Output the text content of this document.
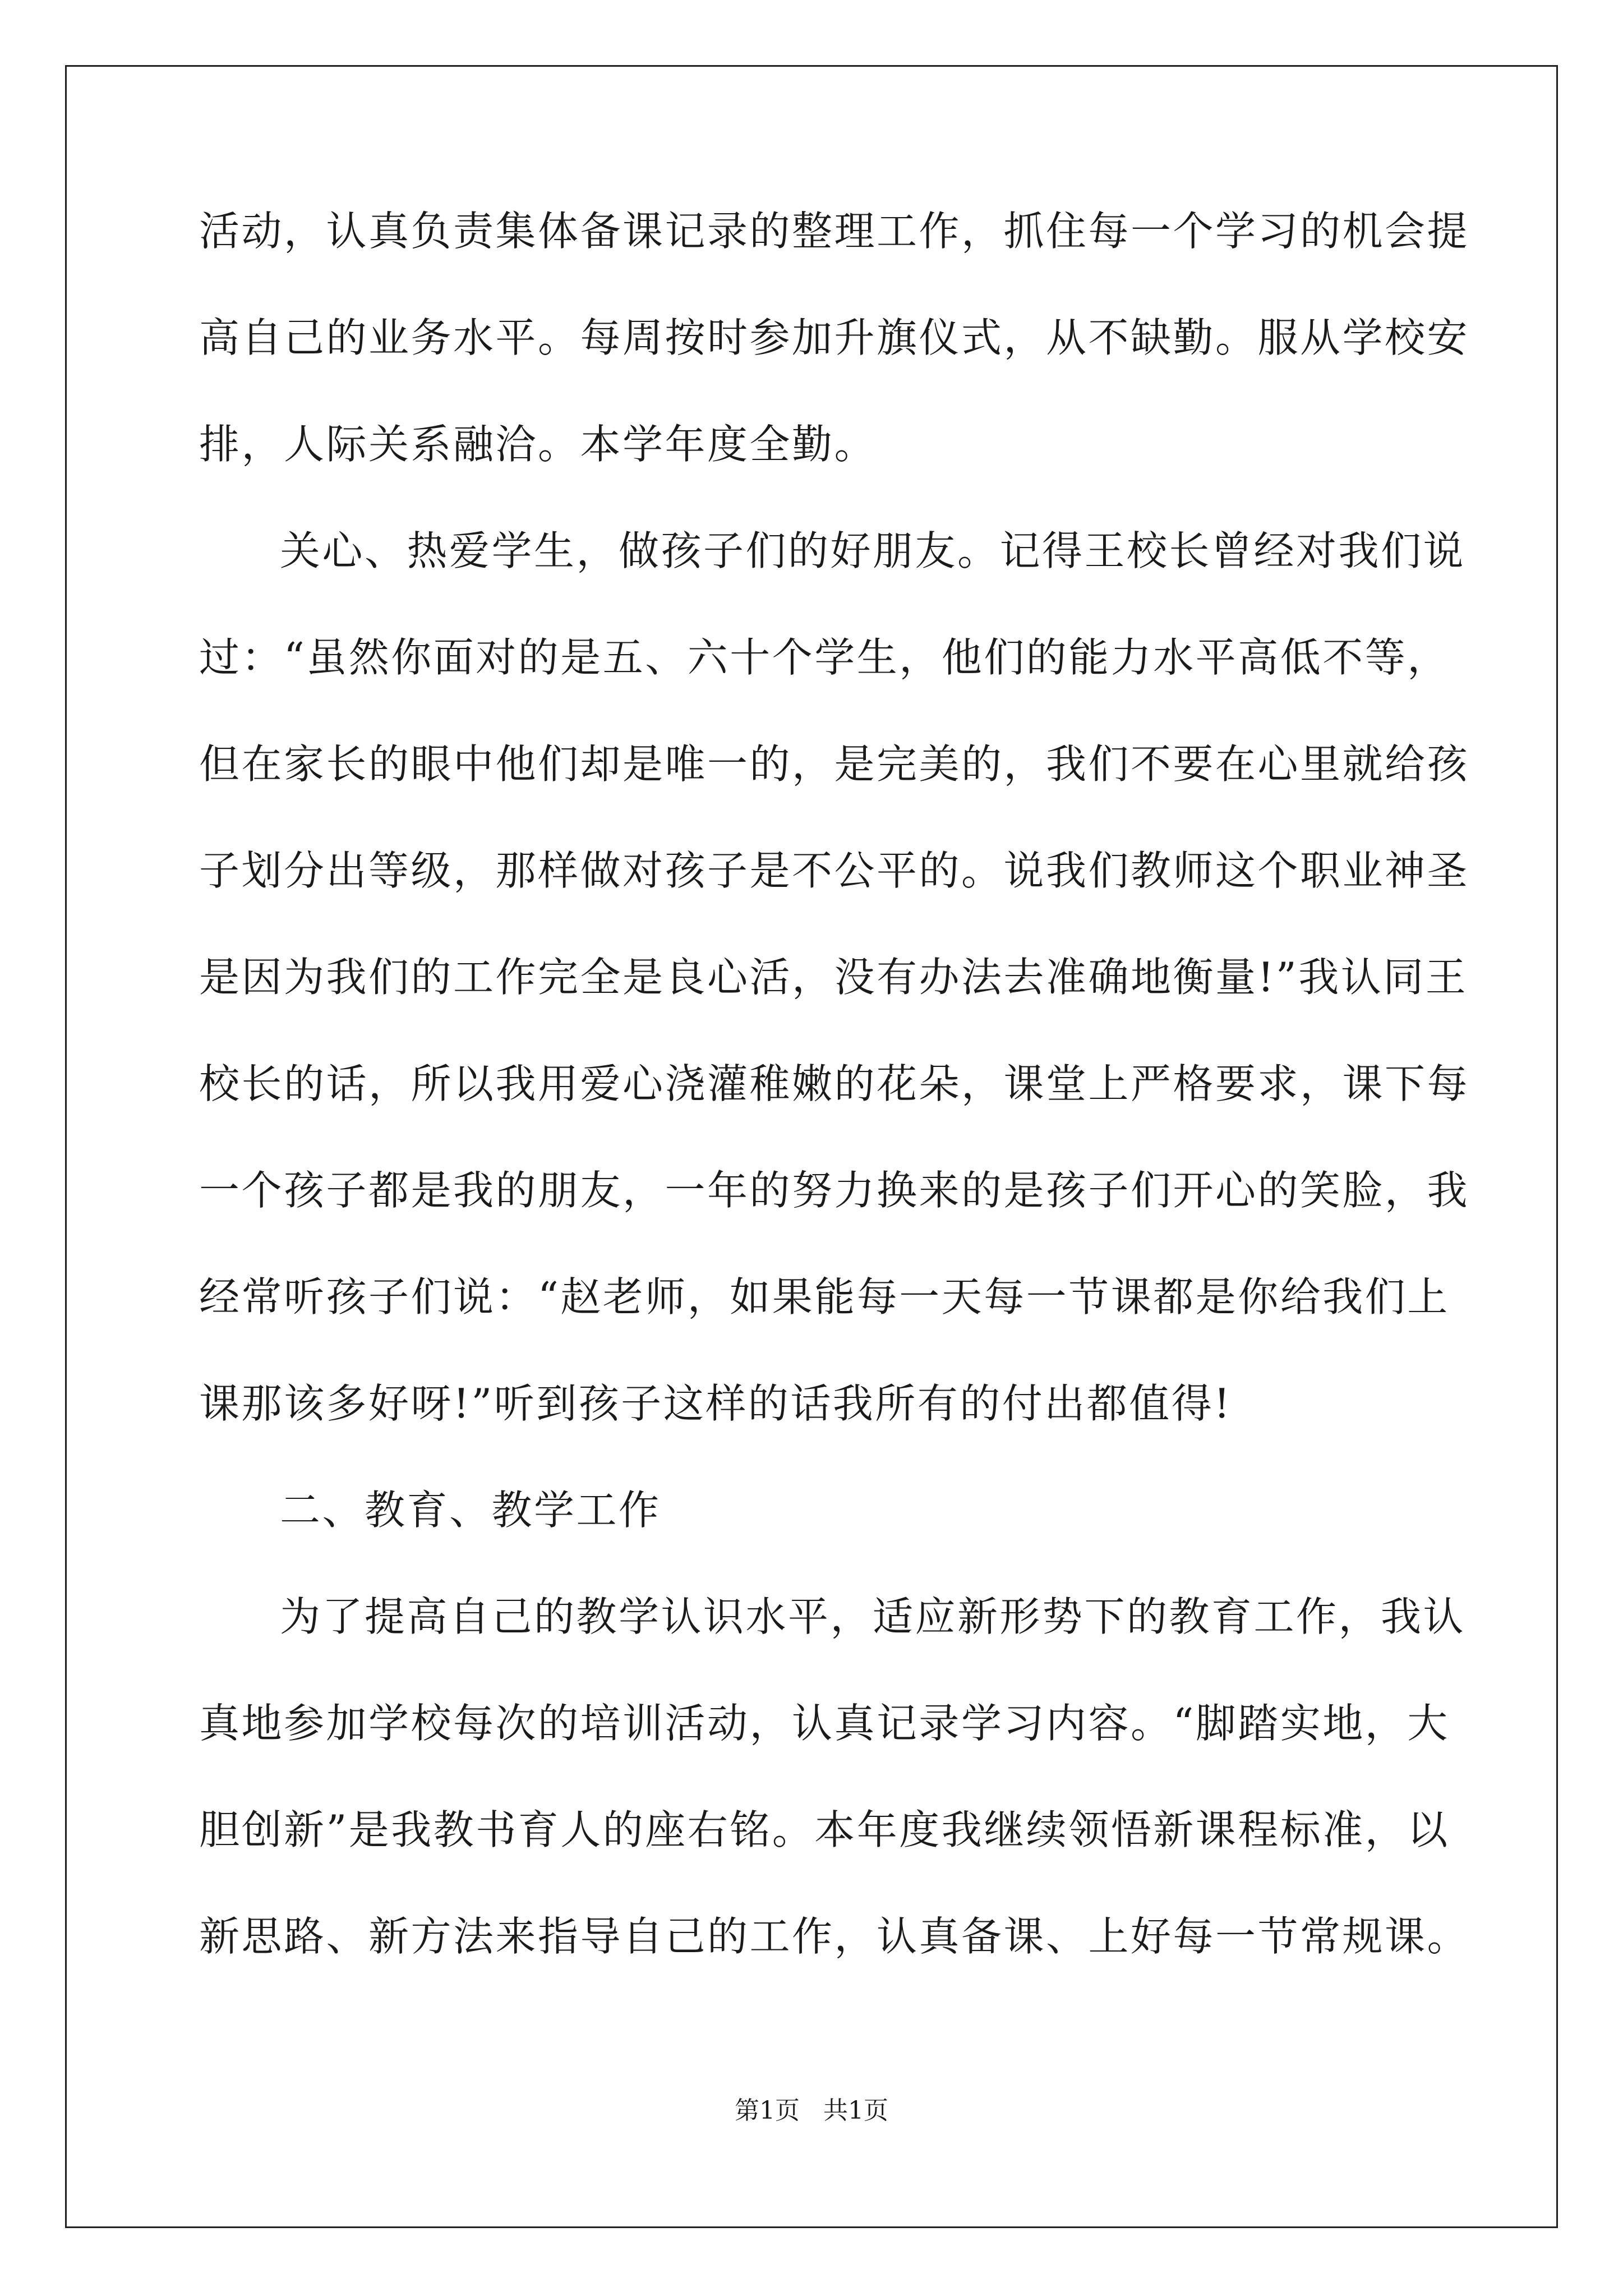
活动，认真负责集体备课记录的整理工作，抓住每一个学习的机会提
高自己的业务水平。每周按时参加升旗仪式，从不缺勤。服从学校安
排，人际关系融洽。本学年度全勤。
关心、热爱学生，做孩子们的好朋友。记得王校长曾经对我们说
过：“虽然你面对的是五、六十个学生，他们的能力水平高低不等，
但在家长的眼中他们却是唯一的，是完美的，我们不要在心里就给孩
子划分出等级，那样做对孩子是不公平的。说我们教师这个职业神圣
是因为我们的工作完全是良心活，没有办法去准确地衡量!”我认同王
校长的话，所以我用爱心浇灌稚嫩的花朵，课堂上严格要求，课下每
一个孩子都是我的朋友，一年的努力换来的是孩子们开心的笑脸，我
经常听孩子们说：“赵老师，如果能每一天每一节课都是你给我们上
课那该多好呀!”听到孩子这样的话我所有的付出都值得!
二、教育、教学工作
为了提高自己的教学认识水平，适应新形势下的教育工作，我认
真地参加学校每次的培训活动，认真记录学习内容。“脚踏实地，大
胆创新”是我教书育人的座右铭。本年度我继续领悟新课程标准，以
新思路、新方法来指导自己的工作，认真备课、上好每一节常规课。
第1页   共1页
